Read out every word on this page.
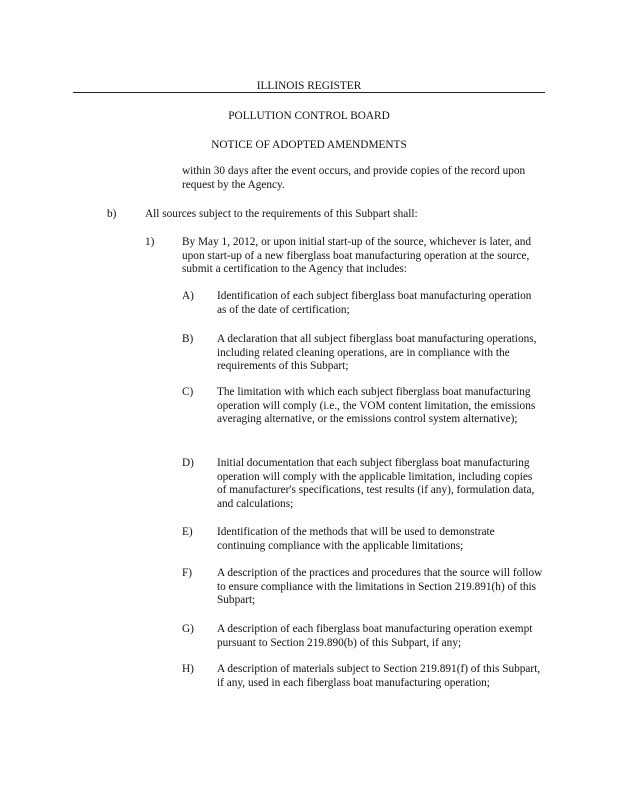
ILLINOIS REGISTER
POLLUTION CONTROL BOARD
NOTICE OF ADOPTED AMENDMENTS
within 30 days after the event occurs, and provide copies of the record upon request by the Agency.
b)	All sources subject to the requirements of this Subpart shall:
1) By May 1, 2012, or upon initial start-up of the source, whichever is later, and upon start-up of a new fiberglass boat manufacturing operation at the source, submit a certification to the Agency that includes:
A) Identification of each subject fiberglass boat manufacturing operation as of the date of certification;
B) A declaration that all subject fiberglass boat manufacturing operations, including related cleaning operations, are in compliance with the requirements of this Subpart;
C) The limitation with which each subject fiberglass boat manufacturing operation will comply (i.e., the VOM content limitation, the emissions averaging alternative, or the emissions control system alternative);
D) Initial documentation that each subject fiberglass boat manufacturing operation will comply with the applicable limitation, including copies of manufacturer's specifications, test results (if any), formulation data, and calculations;
E) Identification of the methods that will be used to demonstrate continuing compliance with the applicable limitations;
F) A description of the practices and procedures that the source will follow to ensure compliance with the limitations in Section 219.891(h) of this Subpart;
G) A description of each fiberglass boat manufacturing operation exempt pursuant to Section 219.890(b) of this Subpart, if any;
H) A description of materials subject to Section 219.891(f) of this Subpart, if any, used in each fiberglass boat manufacturing operation;
